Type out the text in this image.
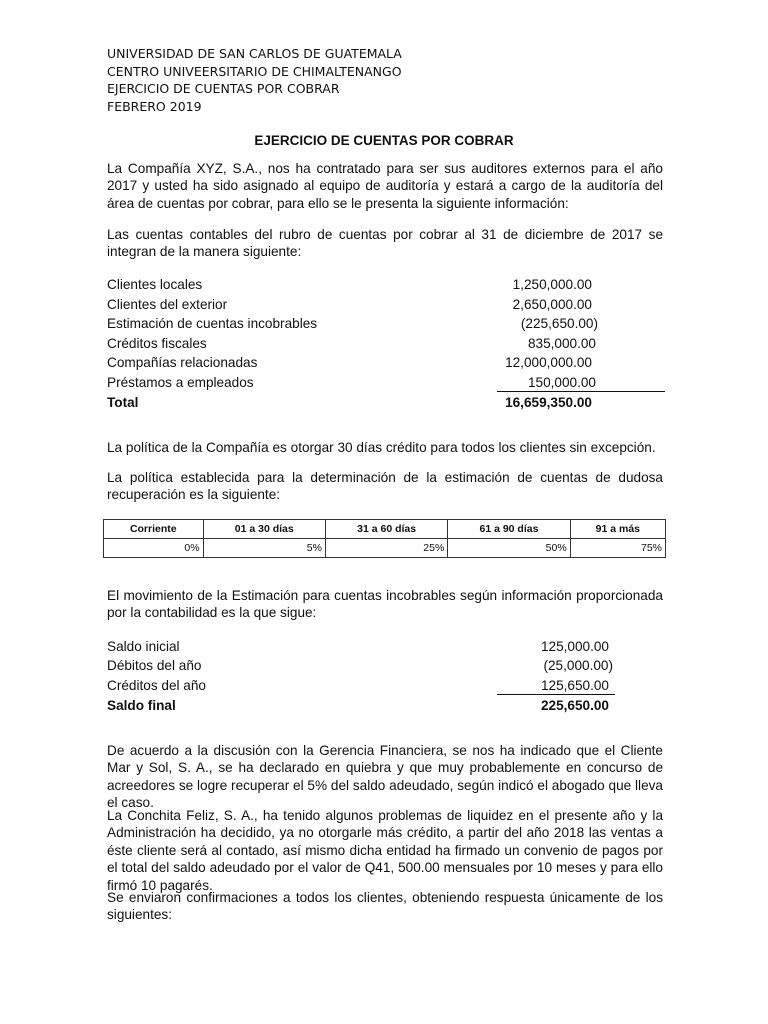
UNIVERSIDAD DE SAN CARLOS DE GUATEMALA
CENTRO UNIVEERSITARIO DE CHIMALTENANGO
EJERCICIO DE CUENTAS POR COBRAR
FEBRERO 2019
EJERCICIO DE CUENTAS POR COBRAR
La Compañía XYZ, S.A., nos ha contratado para ser sus auditores externos para el año 2017 y usted ha sido asignado al equipo de auditoría y estará a cargo de la auditoría del área de cuentas por cobrar, para ello se le presenta la siguiente información:
Las cuentas contables del rubro de cuentas por cobrar al 31 de diciembre de 2017 se integran de la manera siguiente:
Clientes locales	1,250,000.00
Clientes del exterior	2,650,000.00
Estimación de cuentas incobrables	(225,650.00)
Créditos fiscales	835,000.00
Compañías relacionadas	12,000,000.00
Préstamos a empleados	150,000.00
Total	16,659,350.00
La política de la Compañía es otorgar 30 días crédito para todos los clientes sin excepción.
La política establecida para la determinación de la estimación de cuentas de dudosa recuperación es la siguiente:
Corriente	01 a 30 días	31 a 60 días	61 a 90 días	91 a más
0%	5%	25%	50%	75%
El movimiento de la Estimación para cuentas incobrables según información proporcionada por la contabilidad es la que sigue:
Saldo inicial	125,000.00
Débitos del año	(25,000.00)
Créditos del año	125,650.00
Saldo final	225,650.00
De acuerdo a la discusión con la Gerencia Financiera, se nos ha indicado que el Cliente Mar y Sol, S. A., se ha declarado en quiebra y que muy probablemente en concurso de acreedores se logre recuperar el 5% del saldo adeudado, según indicó el abogado que lleva el caso.
La Conchita Feliz, S. A., ha tenido algunos problemas de liquidez en el presente año y la Administración ha decidido, ya no otorgarle más crédito, a partir del año 2018 las ventas a éste cliente será al contado, así mismo dicha entidad ha firmado un convenio de pagos por el total del saldo adeudado por el valor de Q41, 500.00 mensuales por 10 meses y para ello firmó 10 pagarés.
Se enviaron confirmaciones a todos los clientes, obteniendo respuesta únicamente de los siguientes:
